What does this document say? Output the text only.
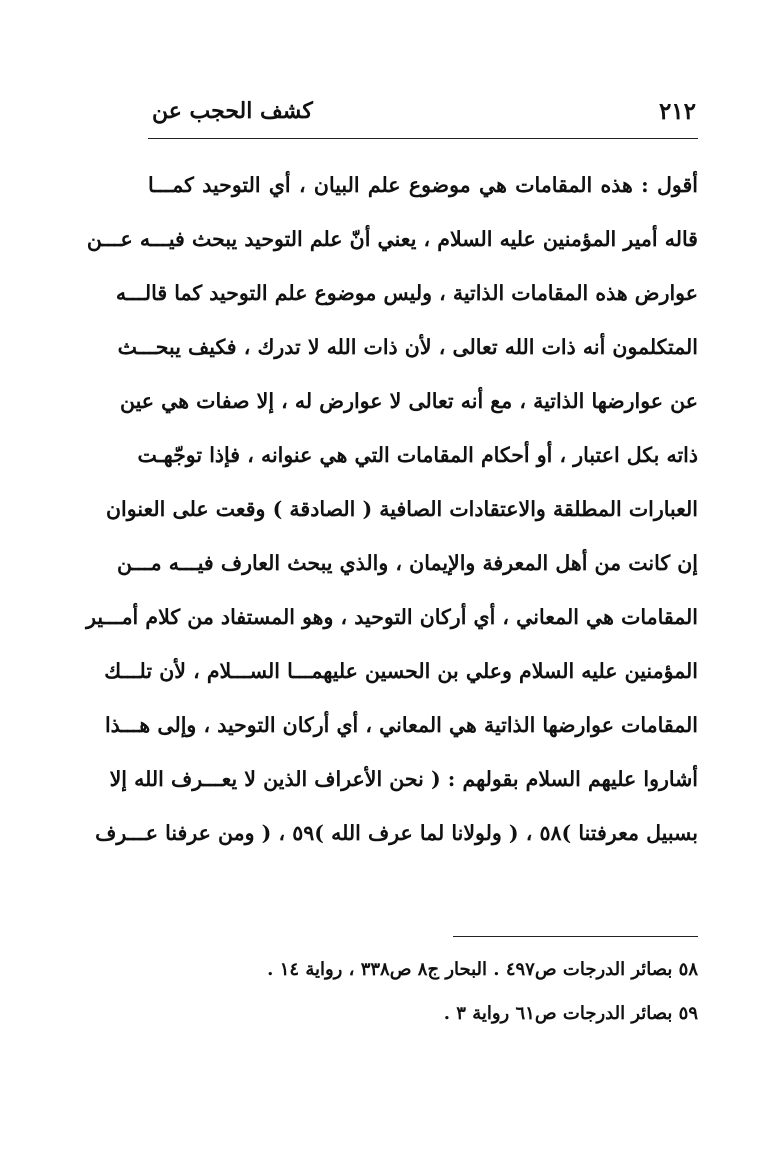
٢١٢
كشف الحجب عن
أقول : هذه المقامات هي موضوع علم البيان ، أي التوحيد كمـــا
قاله أمير المؤمنين عليه السلام ، يعني أنّ علم التوحيد يبحث فيـــه عـــن
عوارض هذه المقامات الذاتية ، وليس موضوع علم التوحيد كما قالـــه
المتكلمون أنه ذات الله تعالى ، لأن ذات الله لا تدرك ، فكيف يبحـــث
عن عوارضها الذاتية ، مع أنه تعالى لا عوارض له ، إلا صفات هي عين
ذاته بكل اعتبار ، أو أحكام المقامات التي هي عنوانه ، فإذا توجّهـت
العبارات المطلقة والاعتقادات الصافية ( الصادقة ) وقعت على العنوان
إن كانت من أهل المعرفة والإيمان ، والذي يبحث العارف فيـــه مـــن
المقامات هي المعاني ، أي أركان التوحيد ، وهو المستفاد من كلام أمـــير
المؤمنين عليه السلام وعلي بن الحسين عليهمـــا الســـلام ، لأن تلـــك
المقامات عوارضها الذاتية هي المعاني ، أي أركان التوحيد ، وإلى هـــذا
أشاروا عليهم السلام بقولهم : ( نحن الأعراف الذين لا يعـــرف الله إلا
بسبيل معرفتنا )٥٨ ، ( ولولانا لما عرف الله )٥٩ ، ( ومن عرفنا عـــرف
٥٨ بصائر الدرجات ص٤٩٧ . البحار ج٨ ص٣٣٨ ، رواية ١٤ .
٥٩ بصائر الدرجات ص٦١ رواية ٣ .
